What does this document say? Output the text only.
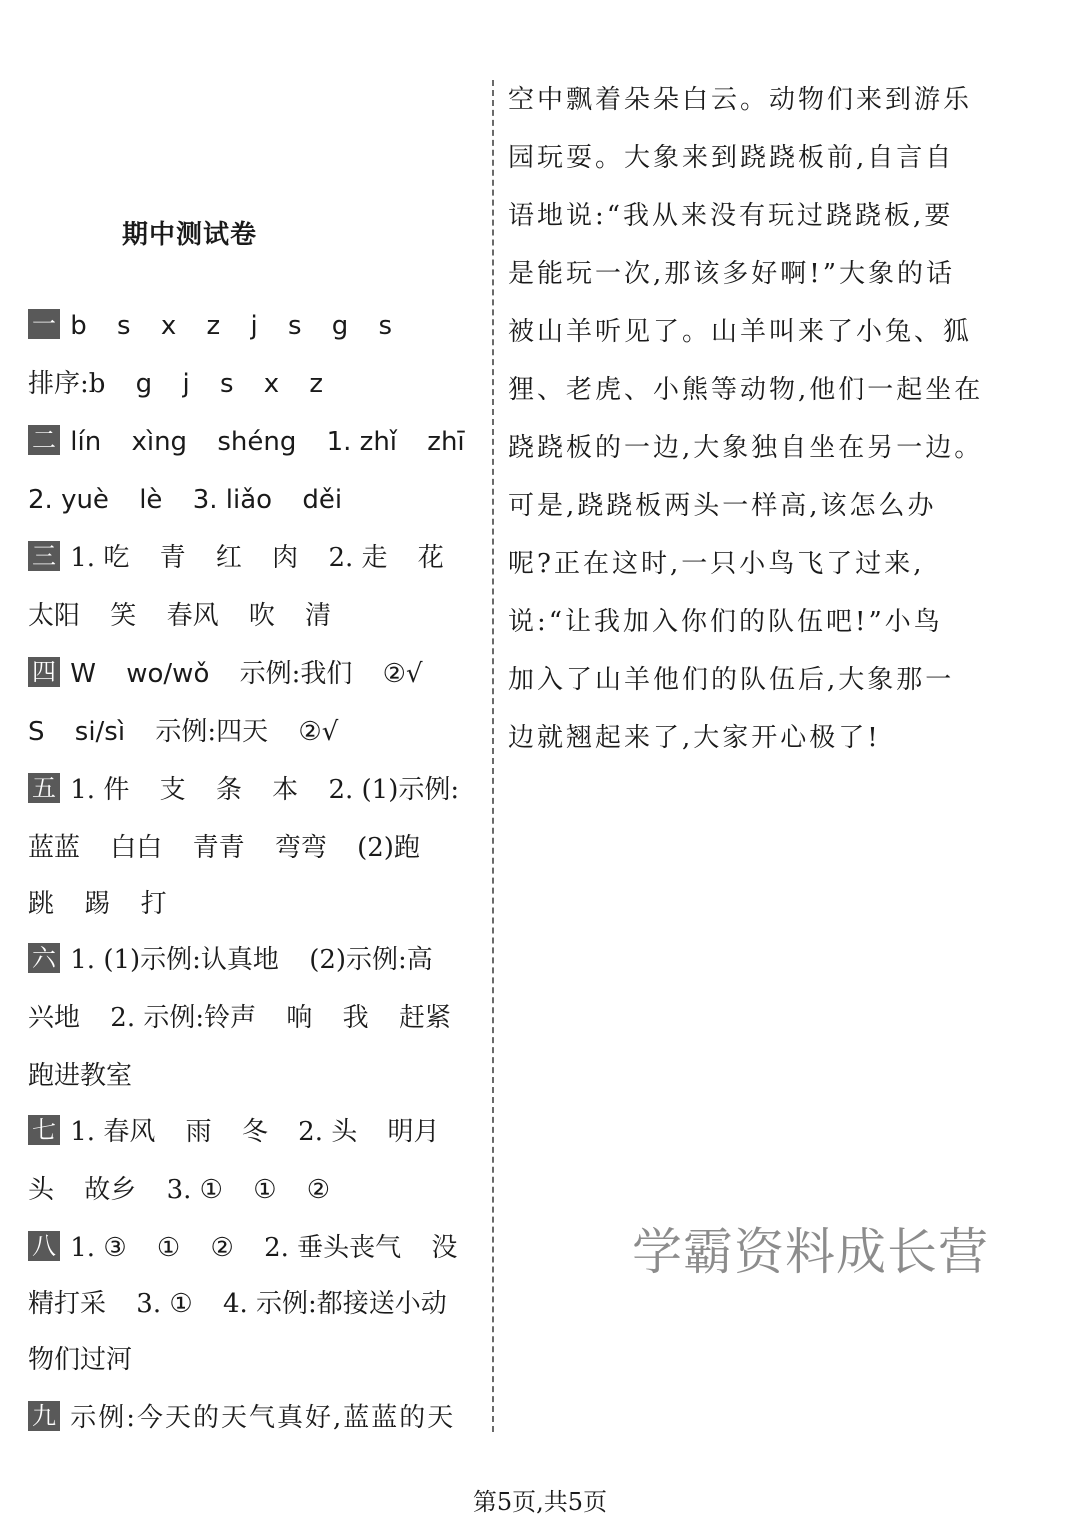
期中测试卷
一 b s x z j s g s
排序:b g j s x z
二 lín xìng shéng 1. zhǐ zhī
2. yuè lè 3. liǎo děi
三 1. 吃 青 红 肉 2. 走 花
太阳 笑 春风 吹 清
四 W wo/wǒ 示例:我们 ②√
S si/sì 示例:四天 ②√
五 1. 件 支 条 本 2. (1)示例:
蓝蓝 白白 青青 弯弯 (2)跑
跳 踢 打
六 1. (1)示例:认真地 (2)示例:高
兴地 2. 示例:铃声 响 我 赶紧
跑进教室
七 1. 春风 雨 冬 2. 头 明月
头 故乡 3. ① ① ②
八 1. ③ ① ② 2. 垂头丧气 没
精打采 3. ① 4. 示例:都接送小动
物们过河
九 示例:今天的天气真好,蓝蓝的天
空中飘着朵朵白云。动物们来到游乐
园玩耍。大象来到跷跷板前,自言自
语地说:“我从来没有玩过跷跷板,要
是能玩一次,那该多好啊!”大象的话
被山羊听见了。山羊叫来了小兔、狐
狸、老虎、小熊等动物,他们一起坐在
跷跷板的一边,大象独自坐在另一边。
可是,跷跷板两头一样高,该怎么办
呢?正在这时,一只小鸟飞了过来,
说:“让我加入你们的队伍吧!”小鸟
加入了山羊他们的队伍后,大象那一
边就翘起来了,大家开心极了!
学霸资料成长营
第5页,共5页
